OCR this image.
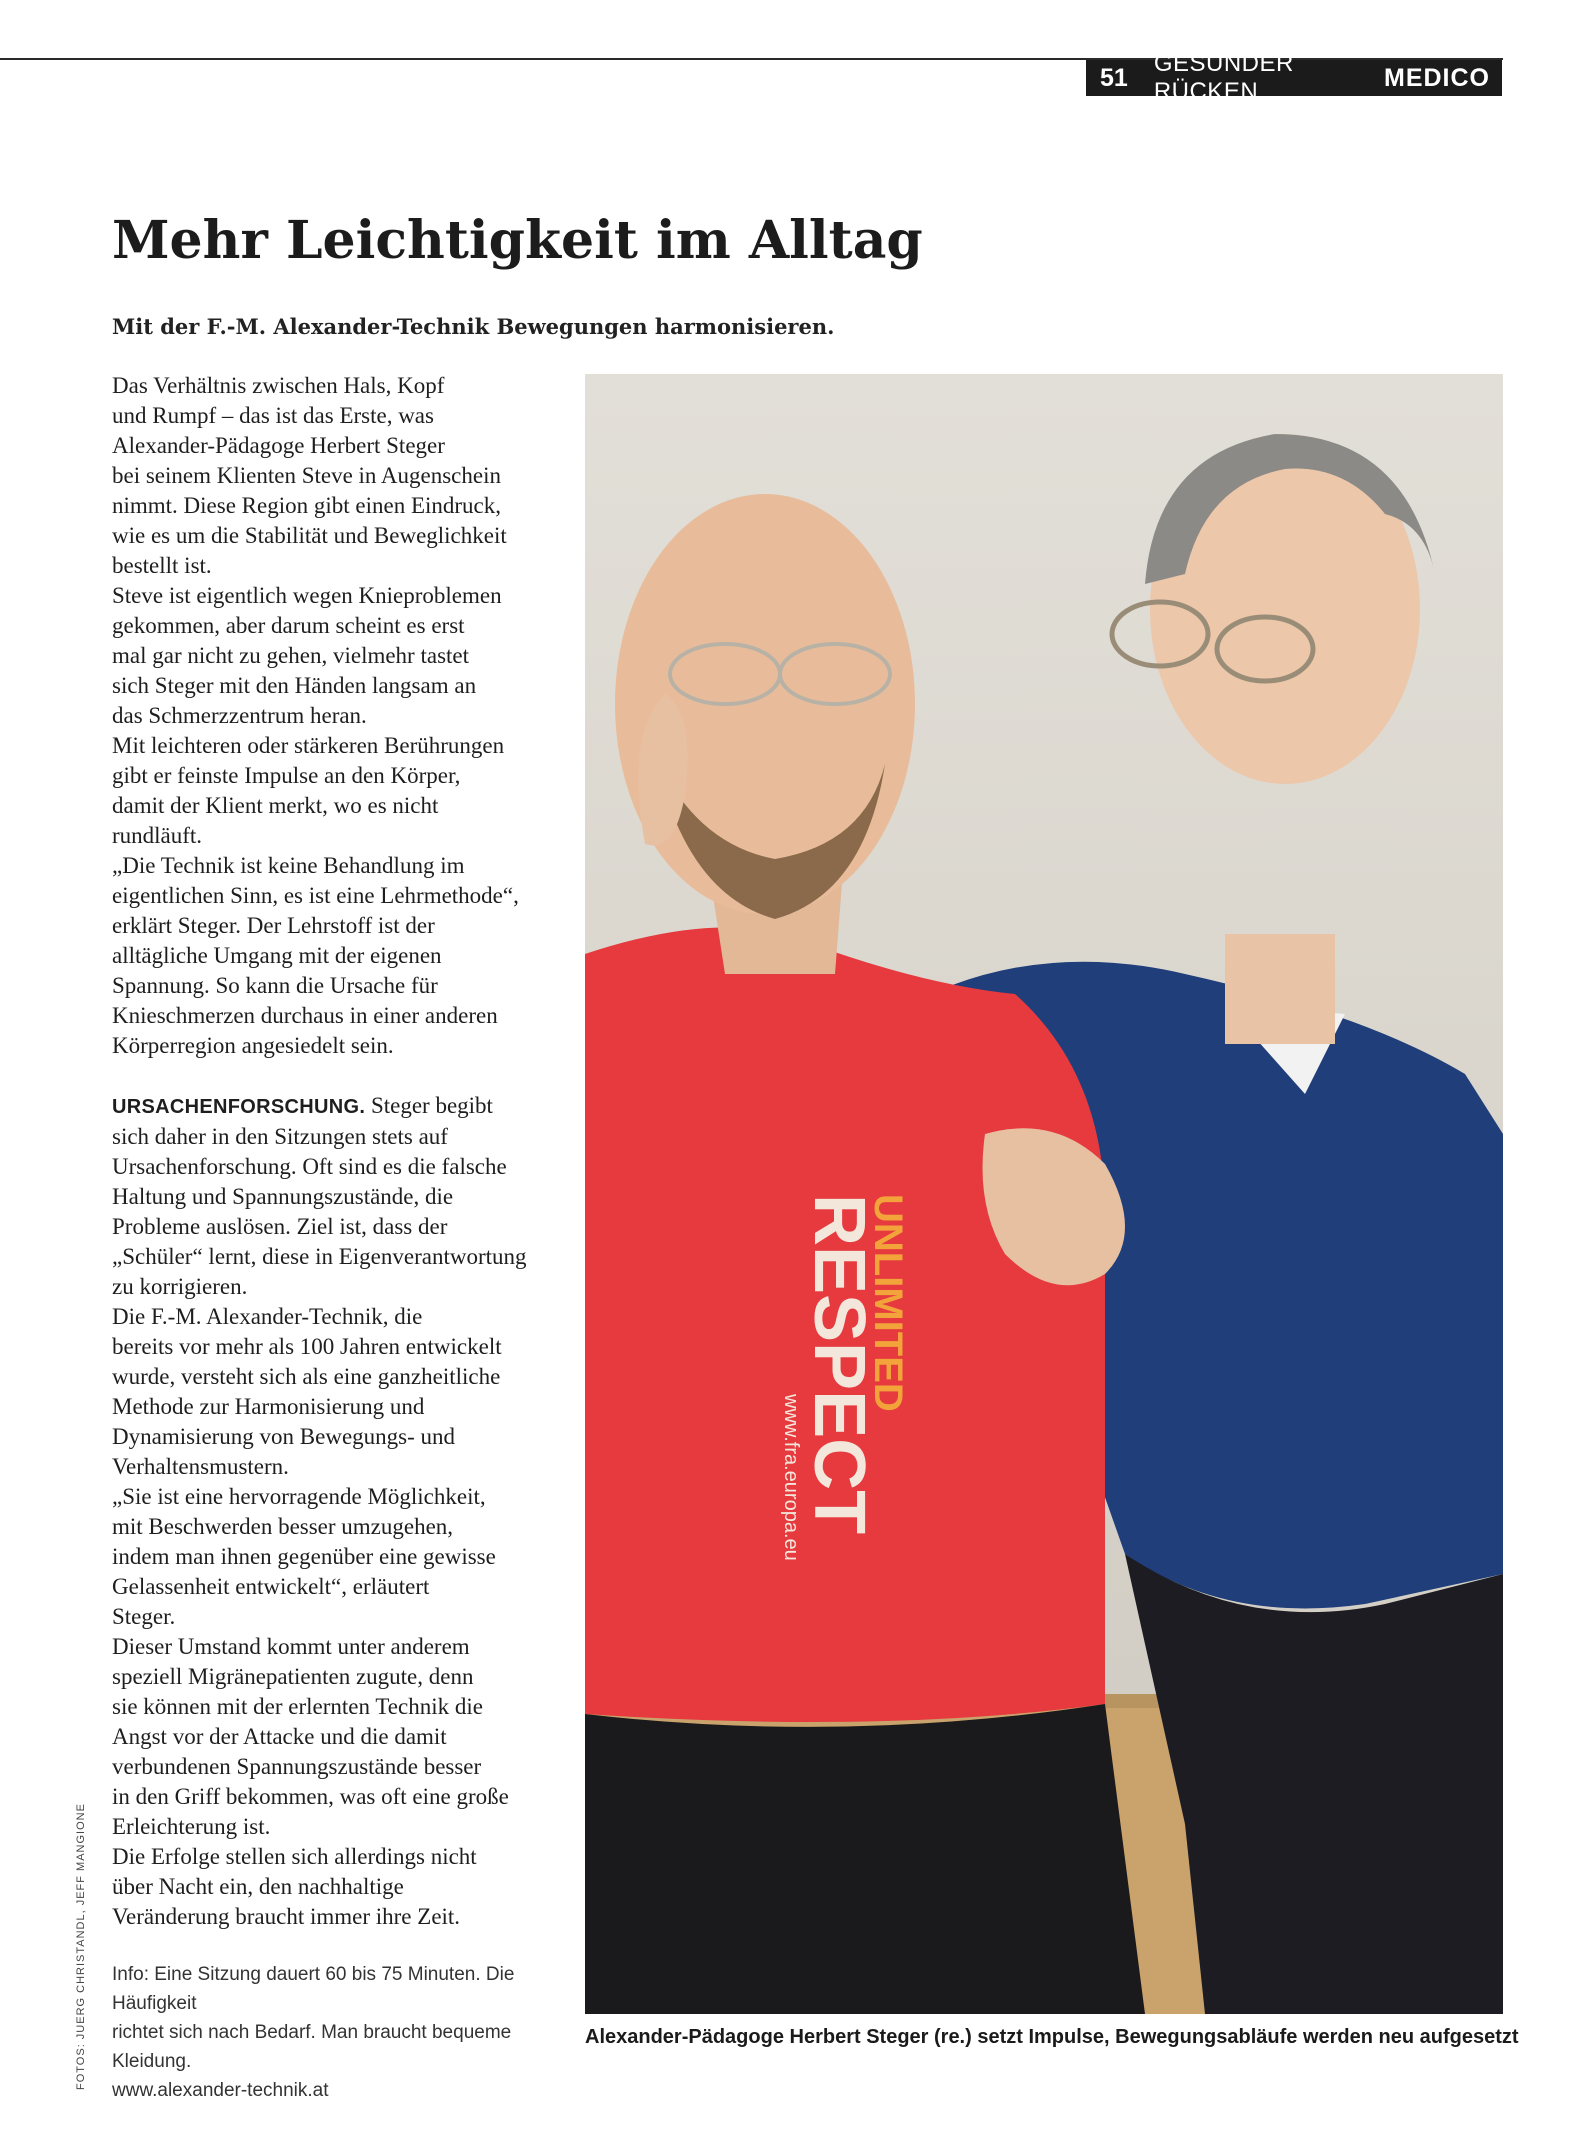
51 GESUNDER RÜCKEN	MEDICO
Mehr Leichtigkeit im Alltag

Mit der F.-M. Alexander-Technik Bewegungen harmonisieren.

Das Verhältnis zwischen Hals, Kopf
und Rumpf – das ist das Erste, was
Alexander-Pädagoge Herbert Steger
bei seinem Klienten Steve in Augenschein
nimmt. Diese Region gibt einen Eindruck,
wie es um die Stabilität und Beweglichkeit
bestellt ist.
Steve ist eigentlich wegen Knieproblemen
gekommen, aber darum scheint es erst
mal gar nicht zu gehen, vielmehr tastet
sich Steger mit den Händen langsam an
das Schmerzzentrum heran.
Mit leichteren oder stärkeren Berührungen
gibt er feinste Impulse an den Körper,
damit der Klient merkt, wo es nicht
rundläuft.
„Die Technik ist keine Behandlung im
eigentlichen Sinn, es ist eine Lehrmethode“,
erklärt Steger. Der Lehrstoff ist der
alltägliche Umgang mit der eigenen
Spannung. So kann die Ursache für
Knieschmerzen durchaus in einer anderen
Körperregion angesiedelt sein.

URSACHENFORSCHUNG. Steger begibt
sich daher in den Sitzungen stets auf
Ursachenforschung. Oft sind es die falsche
Haltung und Spannungszustände, die
Probleme auslösen. Ziel ist, dass der
„Schüler“ lernt, diese in Eigenverantwortung
zu korrigieren.
Die F.-M. Alexander-Technik, die
bereits vor mehr als 100 Jahren entwickelt
wurde, versteht sich als eine ganzheitliche
Methode zur Harmonisierung und
Dynamisierung von Bewegungs- und
Verhaltensmustern.
„Sie ist eine hervorragende Möglichkeit,
mit Beschwerden besser umzugehen,
indem man ihnen gegenüber eine gewisse
Gelassenheit entwickelt“, erläutert
Steger.
Dieser Umstand kommt unter anderem
speziell Migränepatienten zugute, denn
sie können mit der erlernten Technik die
Angst vor der Attacke und die damit
verbundenen Spannungszustände besser
in den Griff bekommen, was oft eine große
Erleichterung ist.
Die Erfolge stellen sich allerdings nicht
über Nacht ein, den nachhaltige
Veränderung braucht immer ihre Zeit.

Info: Eine Sitzung dauert 60 bis 75 Minuten. Die Häufigkeit
richtet sich nach Bedarf. Man braucht bequeme Kleidung.
www.alexander-technik.at

FOTOS: JUERG CHRISTANDL, JEFF MANGIONE
RESPECT
UNLIMITED
www.fra.europa.eu
Alexander-Pädagoge Herbert Steger (re.) setzt Impulse, Bewegungsabläufe werden neu aufgesetzt
